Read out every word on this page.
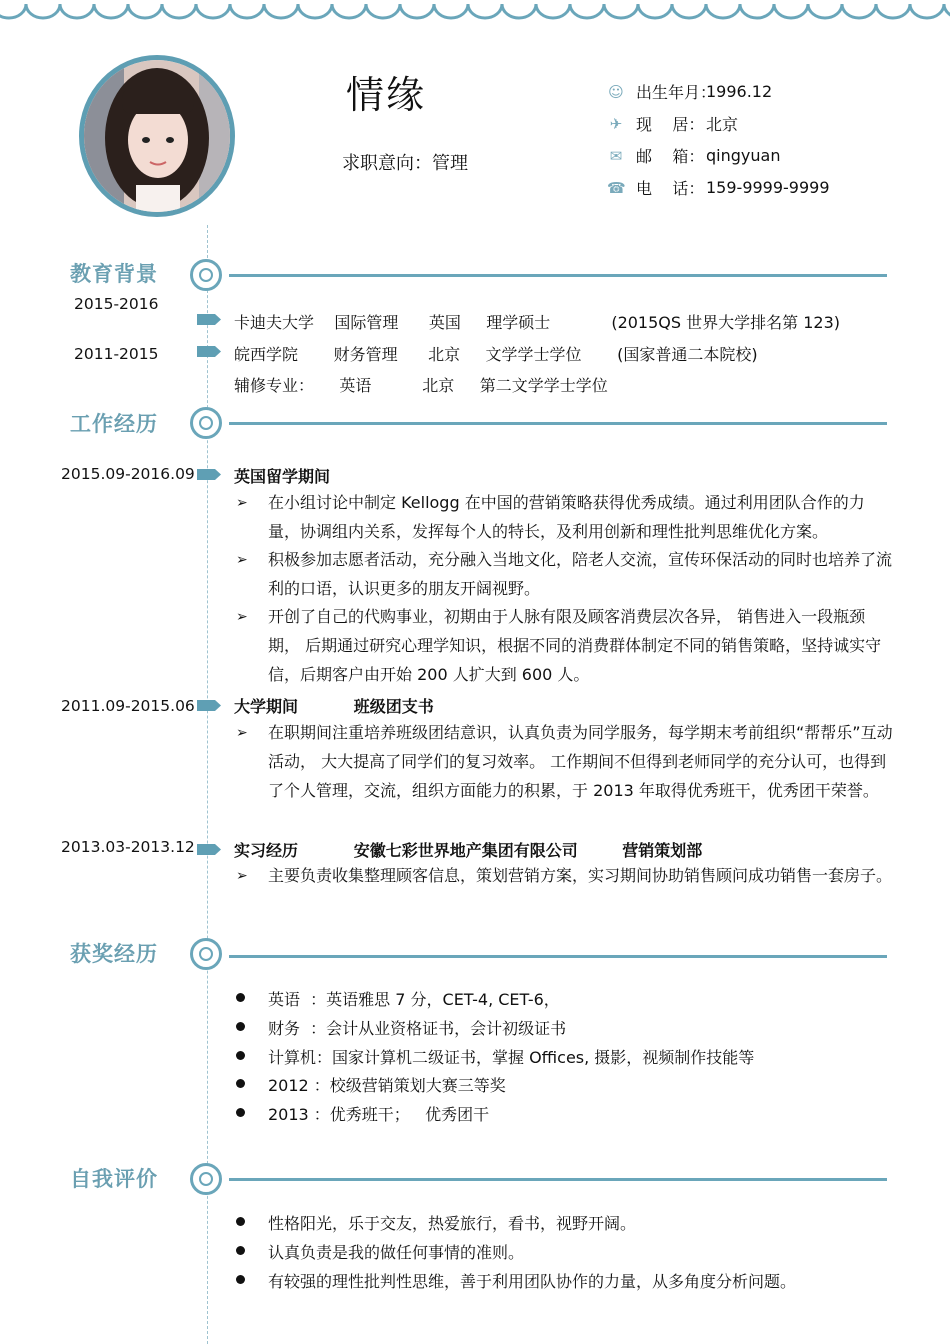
情缘
求职意向：管理
☺ 出生年月：
1996.12
✈ 现    居： 北京
✉ 邮    箱： qingyuan
☎ 电    话： 159-9999-9999
教育背景
2015-2016
卡迪夫大学    国际管理      英国     理学硕士            (2015QS 世界大学排名第 123)
2011-2015	皖西学院       财务管理      北京     文学学士学位       (国家普通二本院校)
辅修专业：     英语          北京     第二文学学士学位
工作经历
2015.09-2016.09 英国留学期间
➢ 在小组讨论中制定 Kellogg 在中国的营销策略获得优秀成绩。通过利用团队合作的力量，协调组内关系，发挥每个人的特长，及利用创新和理性批判思维优化方案。
➢ 积极参加志愿者活动，充分融入当地文化，陪老人交流，宣传环保活动的同时也培养了流利的口语，认识更多的朋友开阔视野。
➢ 开创了自己的代购事业，初期由于人脉有限及顾客消费层次各异， 销售进入一段瓶颈期， 后期通过研究心理学知识，根据不同的消费群体制定不同的销售策略，坚持诚实守信，后期客户由开始 200 人扩大到 600 人。
2011.09-2015.06 大学期间          班级团支书
➢ 在职期间注重培养班级团结意识，认真负责为同学服务，每学期末考前组织“帮帮乐”互动活动， 大大提高了同学们的复习效率。 工作期间不但得到老师同学的充分认可，也得到了个人管理，交流，组织方面能力的积累，于 2013 年取得优秀班干，优秀团干荣誉。
2013.03-2013.12 实习经历          安徽七彩世界地产集团有限公司        营销策划部
➢ 主要负责收集整理顾客信息，策划营销方案，实习期间协助销售顾问成功销售一套房子。
获奖经历
英语  ：英语雅思 7 分，CET-4, CET-6，
财务  ：会计从业资格证书，会计初级证书
计算机：国家计算机二级证书，掌握 Offices, 摄影，视频制作技能等
2012 ：校级营销策划大赛三等奖
2013 ：优秀班干；   优秀团干
自我评价
性格阳光，乐于交友，热爱旅行，看书，视野开阔。
认真负责是我的做任何事情的准则。
有较强的理性批判性思维，善于利用团队协作的力量，从多角度分析问题。
